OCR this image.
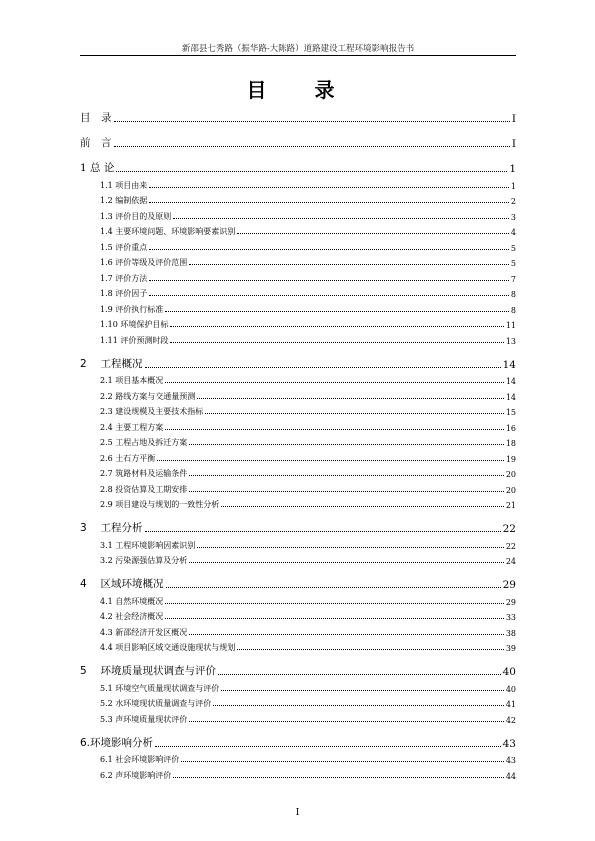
新邵县七秀路（振华路-大陈路）道路建设工程环境影响报告书
目　录
目　录	I
前　言	I
1 总 论	1
1.1 项目由来	1
1.2 编制依据	2
1.3 评价目的及原则	3
1.4 主要环境问题、环境影响要素识别	4
1.5 评价重点	5
1.6 评价等级及评价范围	5
1.7 评价方法	7
1.8 评价因子	8
1.9 评价执行标准	8
1.10 环境保护目标	11
1.11 评价预测时段	13
2　 工程概况	14
2.1 项目基本概况	14
2.2 路线方案与交通量预测	14
2.3 建设规模及主要技术指标	15
2.4 主要工程方案	16
2.5 工程占地及拆迁方案	18
2.6 土石方平衡	19
2.7 筑路材料及运输条件	20
2.8 投资估算及工期安排	20
2.9 项目建设与规划的一致性分析	21
3　 工程分析	22
3.1 工程环境影响因素识别	22
3.2 污染源强估算及分析	24
4　 区域环境概况	29
4.1 自然环境概况	29
4.2 社会经济概况	33
4.3 新邵经济开发区概况	38
4.4 项目影响区域交通设施现状与规划	39
5　 环境质量现状调查与评价	40
5.1 环境空气质量现状调查与评价	40
5.2 水环境现状质量调查与评价	41
5.3 声环境质量现状评价	42
6.环境影响分析	43
6.1 社会环境影响评价	43
6.2 声环境影响评价	44
I
